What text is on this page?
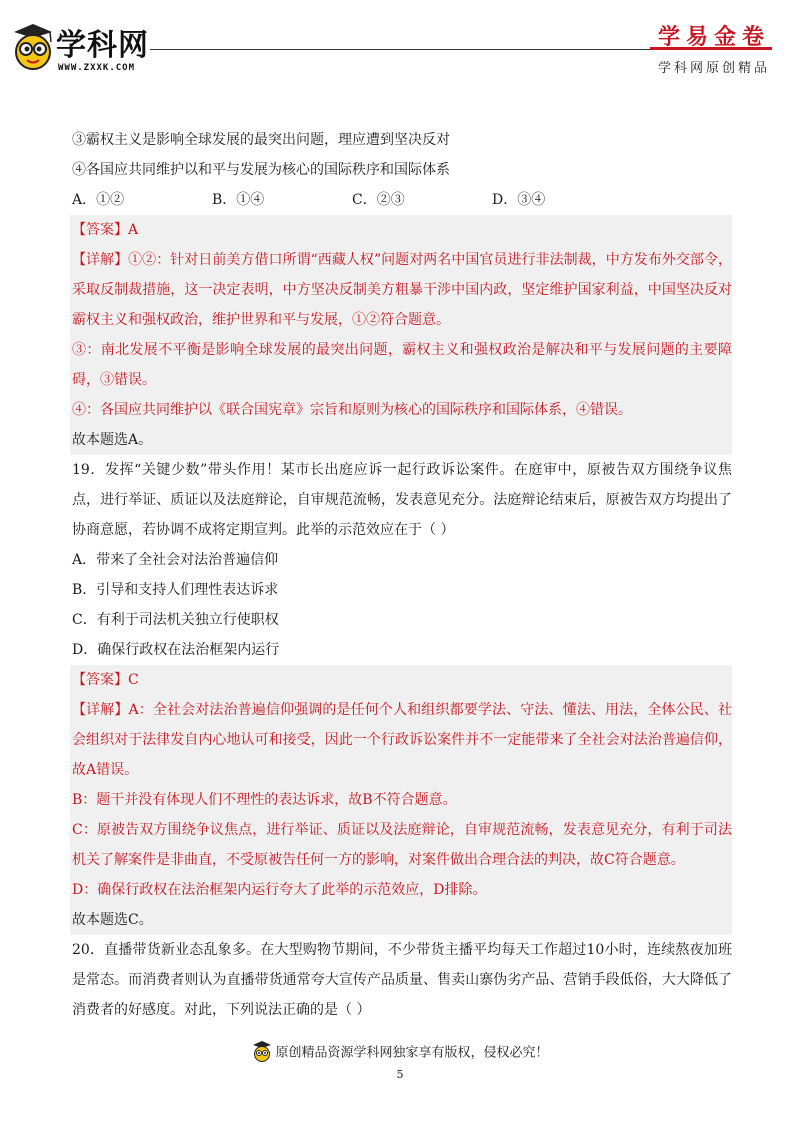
学科网
WWW.ZXXK.COM
学易金卷
学科网原创精品
③霸权主义是影响全球发展的最突出问题，理应遭到坚决反对
④各国应共同维护以和平与发展为核心的国际秩序和国际体系
A．①②	B．①④	C．②③	D．③④
【答案】A
【详解】①②：针对日前美方借口所谓“西藏人权”问题对两名中国官员进行非法制裁，中方发布外交部令，采取反制裁措施，这一决定表明，中方坚决反制美方粗暴干涉中国内政，坚定维护国家利益，中国坚决反对霸权主义和强权政治，维护世界和平与发展，①②符合题意。
③：南北发展不平衡是影响全球发展的最突出问题，霸权主义和强权政治是解决和平与发展问题的主要障碍，③错误。
④：各国应共同维护以《联合国宪章》宗旨和原则为核心的国际秩序和国际体系，④错误。
故本题选A。
19．发挥“关键少数”带头作用！某市长出庭应诉一起行政诉讼案件。在庭审中，原被告双方围绕争议焦点，进行举证、质证以及法庭辩论，自审规范流畅，发表意见充分。法庭辩论结束后，原被告双方均提出了协商意愿，若协调不成将定期宣判。此举的示范效应在于（ ）
A．带来了全社会对法治普遍信仰
B．引导和支持人们理性表达诉求
C．有利于司法机关独立行使职权
D．确保行政权在法治框架内运行
【答案】C
【详解】A：全社会对法治普遍信仰强调的是任何个人和组织都要学法、守法、懂法、用法，全体公民、社会组织对于法律发自内心地认可和接受，因此一个行政诉讼案件并不一定能带来了全社会对法治普遍信仰，故A错误。
B：题干并没有体现人们不理性的表达诉求，故B不符合题意。
C：原被告双方围绕争议焦点，进行举证、质证以及法庭辩论，自审规范流畅，发表意见充分，有利于司法机关了解案件是非曲直，不受原被告任何一方的影响，对案件做出合理合法的判决，故C符合题意。
D：确保行政权在法治框架内运行夸大了此举的示范效应，D排除。
故本题选C。
20．直播带货新业态乱象多。在大型购物节期间，不少带货主播平均每天工作超过10小时，连续熬夜加班是常态。而消费者则认为直播带货通常夸大宣传产品质量、售卖山寨伪劣产品、营销手段低俗，大大降低了消费者的好感度。对此，下列说法正确的是（ ）
原创精品资源学科网独家享有版权，侵权必究！
5
